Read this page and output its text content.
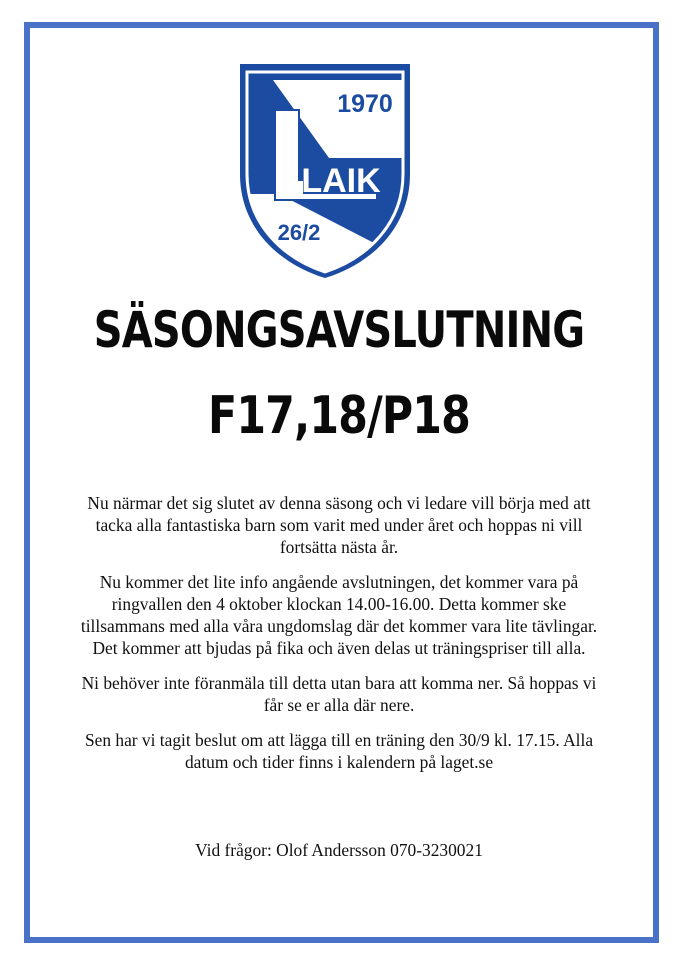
LAIK
1970
26/2
SÄSONGSAVSLUTNING
F17,18/P18

Nu närmar det sig slutet av denna säsong och vi ledare vill börja med att tacka alla fantastiska barn som varit med under året och hoppas ni vill fortsätta nästa år.

Nu kommer det lite info angående avslutningen, det kommer vara på ringvallen den 4 oktober klockan 14.00-16.00. Detta kommer ske tillsammans med alla våra ungdomslag där det kommer vara lite tävlingar. Det kommer att bjudas på fika och även delas ut träningspriser till alla.

Ni behöver inte föranmäla till detta utan bara att komma ner. Så hoppas vi får se er alla där nere.

Sen har vi tagit beslut om att lägga till en träning den 30/9 kl. 17.15. Alla datum och tider finns i kalendern på laget.se

Vid frågor: Olof Andersson 070-3230021
